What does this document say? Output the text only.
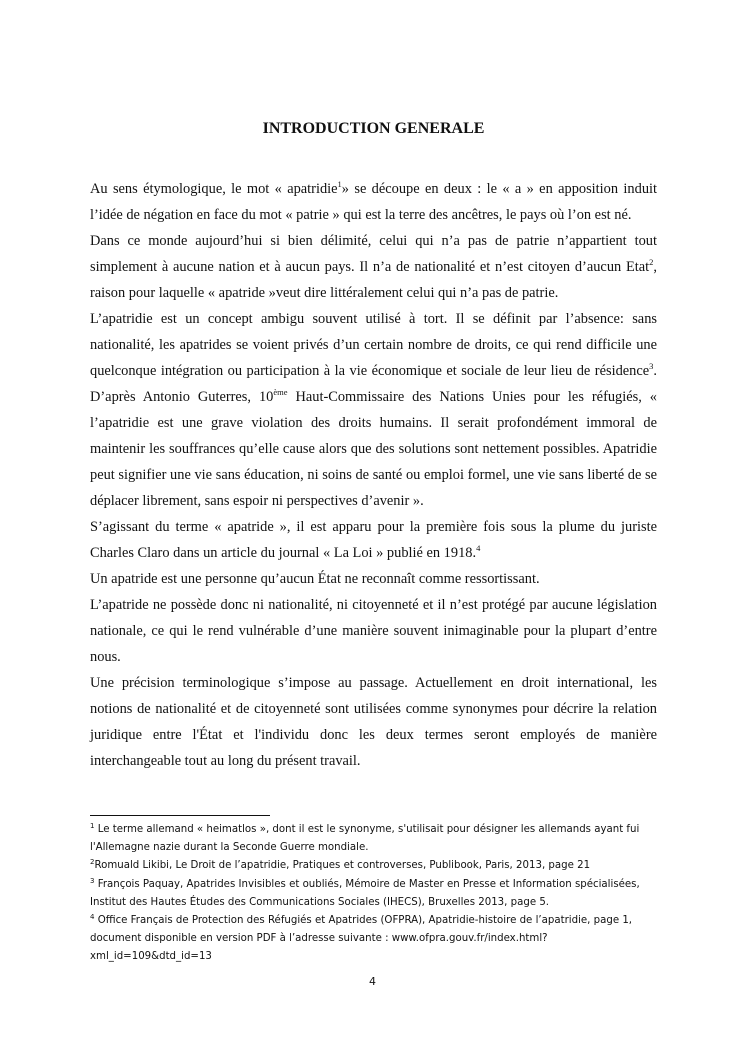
INTRODUCTION GENERALE

Au sens étymologique, le mot « apatridie$^1$» se découpe en deux : le « a » en apposition induit l’idée de négation en face du mot « patrie » qui est la terre des ancêtres, le pays où l’on est né.

Dans ce monde aujourd’hui si bien délimité, celui qui n’a pas de patrie n’appartient tout simplement à aucune nation et à aucun pays. Il n’a de nationalité et n’est citoyen d’aucun Etat$^2$, raison pour laquelle « apatride »veut dire littéralement celui qui n’a pas de patrie.

L’apatridie est un concept ambigu souvent utilisé à tort. Il se définit par l’absence: sans nationalité, les apatrides se voient privés d’un certain nombre de droits, ce qui rend difficile une quelconque intégration ou participation à la vie économique et sociale de leur lieu de résidence$^3$. D’après Antonio Guterres, 10ème Haut-Commissaire des Nations Unies pour les réfugiés, « l’apatridie est une grave violation des droits humains. Il serait profondément immoral de maintenir les souffrances qu’elle cause alors que des solutions sont nettement possibles. Apatridie peut signifier une vie sans éducation, ni soins de santé ou emploi formel, une vie sans liberté de se déplacer librement, sans espoir ni perspectives d’avenir ».

S’agissant du terme « apatride », il est apparu pour la première fois sous la plume du juriste Charles Claro dans un article du journal « La Loi » publié en 1918.$^4$

Un apatride est une personne qu’aucun État ne reconnaît comme ressortissant.

L’apatride ne possède donc ni nationalité, ni citoyenneté et il n’est protégé par aucune législation nationale, ce qui le rend vulnérable d’une manière souvent inimaginable pour la plupart d’entre nous.

Une précision terminologique s’impose au passage. Actuellement en droit international, les notions de nationalité et de citoyenneté sont utilisées comme synonymes pour décrire la relation juridique entre l'État et l'individu donc les deux termes seront employés de manière interchangeable tout au long du présent travail.

$^1$ Le terme allemand « heimatlos », dont il est le synonyme, s'utilisait pour désigner les allemands ayant fui l'Allemagne nazie durant la Seconde Guerre mondiale.
$^2$Romuald Likibi, Le Droit de l’apatridie, Pratiques et controverses, Publibook, Paris, 2013, page 21
$^3$ François Paquay, Apatrides Invisibles et oubliés, Mémoire de Master en Presse et Information spécialisées, Institut des Hautes Études des Communications Sociales (IHECS), Bruxelles 2013, page 5.
$^4$ Office Français de Protection des Réfugiés et Apatrides (OFPRA), Apatridie-histoire de l’apatridie, page 1, document disponible en version PDF à l’adresse suivante : www.ofpra.gouv.fr/index.html?xml_id=109&dtd_id=13
4
